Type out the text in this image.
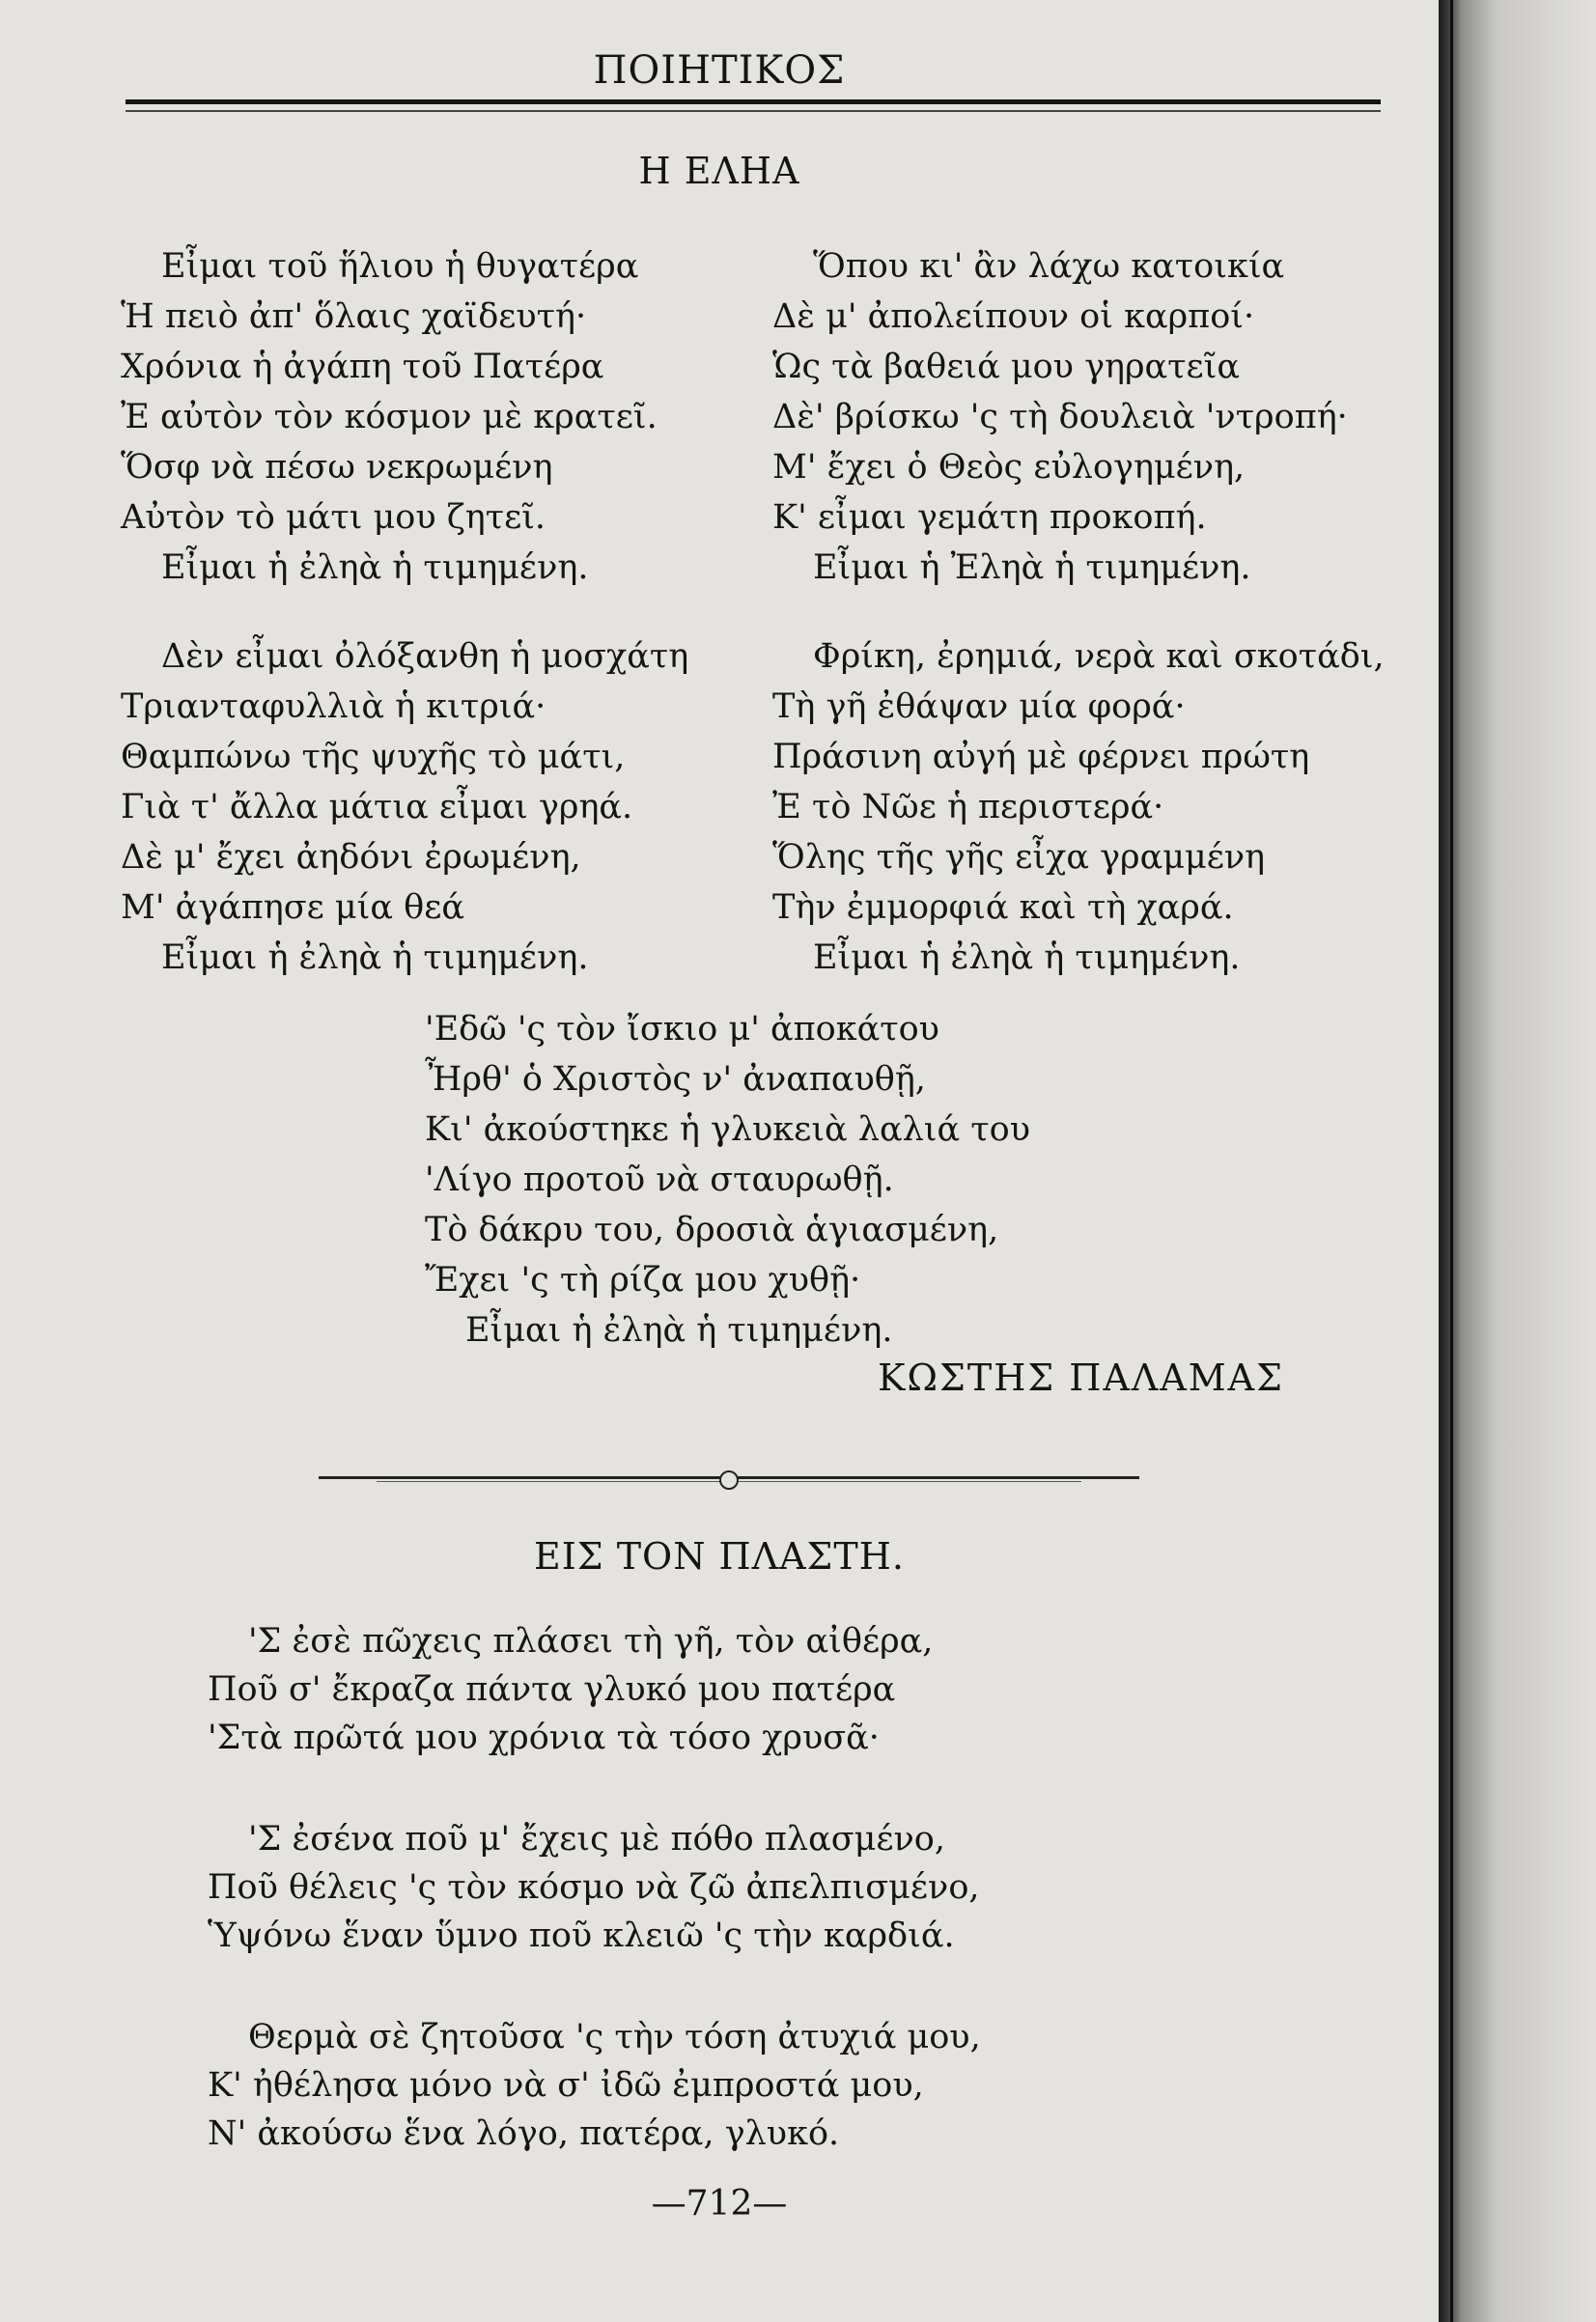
ΠΟΙΗΤΙΚΟΣ
Η ΕΛΗΑ
Εἶμαι τοῦ ἥλιου ἡ θυγατέρα
Ἡ πειὸ ἀπ' ὅλαις χαϊδευτή·
Χρόνια ἡ ἀγάπη τοῦ Πατέρα
Ἐ αὐτὸν τὸν κόσμον μὲ κρατεῖ.
Ὅσφ νὰ πέσω νεκρωμένη
Αὐτὸν τὸ μάτι μου ζητεῖ.
Εἶμαι ἡ ἐληὰ ἡ τιμημένη.
Δὲν εἶμαι ὀλόξανθη ἡ μοσχάτη
Τριανταφυλλιὰ ἡ κιτριά·
Θαμπώνω τῆς ψυχῆς τὸ μάτι,
Γιὰ τ' ἄλλα μάτια εἶμαι γρηά.
Δὲ μ' ἔχει ἀηδόνι ἐρωμένη,
Μ' ἀγάπησε μία θεά
Εἶμαι ἡ ἐληὰ ἡ τιμημένη.
Ὅπου κι' ἂν λάχω κατοικία
Δὲ μ' ἀπολείπουν οἱ καρποί·
Ὡς τὰ βαθειά μου γηρατεῖα
Δὲ' βρίσκω 'ς τὴ δουλειὰ 'ντροπή·
Μ' ἔχει ὁ Θεὸς εὐλογημένη,
Κ' εἶμαι γεμάτη προκοπή.
Εἶμαι ἡ Ἐληὰ ἡ τιμημένη.
Φρίκη, ἐρημιά, νερὰ καὶ σκοτάδι,
Τὴ γῆ ἐθάψαν μία φορά·
Πράσινη αὐγή μὲ φέρνει πρώτη
Ἐ τὸ Νῶε ἡ περιστερά·
Ὅλης τῆς γῆς εἶχα γραμμένη
Τὴν ἐμμορφιά καὶ τὴ χαρά.
Εἶμαι ἡ ἐληὰ ἡ τιμημένη.
'Εδῶ 'ς τὸν ἴσκιο μ' ἀποκάτου
Ἦρθ' ὁ Χριστὸς ν' ἀναπαυθῇ,
Κι' ἀκούστηκε ἡ γλυκειὰ λαλιά του
'Λίγο προτοῦ νὰ σταυρωθῇ.
Τὸ δάκρυ του, δροσιὰ ἁγιασμένη,
Ἔχει 'ς τὴ ρίζα μου χυθῇ·
Εἶμαι ἡ ἐληὰ ἡ τιμημένη.
ΚΩΣΤΗΣ ΠΑΛΑΜΑΣ
ΕΙΣ ΤΟΝ ΠΛΑΣΤΗ.
'Σ ἐσὲ πῶχεις πλάσει τὴ γῆ, τὸν αἰθέρα,
Ποῦ σ' ἔκραζα πάντα γλυκό μου πατέρα
'Στὰ πρῶτά μου χρόνια τὰ τόσο χρυσᾶ·
'Σ ἐσένα ποῦ μ' ἔχεις μὲ πόθο πλασμένο,
Ποῦ θέλεις 'ς τὸν κόσμο νὰ ζῶ ἀπελπισμένο,
Ὑψόνω ἕναν ὕμνο ποῦ κλειῶ 'ς τὴν καρδιά.
Θερμὰ σὲ ζητοῦσα 'ς τὴν τόση ἀτυχιά μου,
Κ' ἠθέλησα μόνο νὰ σ' ἰδῶ ἐμπροστά μου,
Ν' ἀκούσω ἕνα λόγο, πατέρα, γλυκό.
—712—
